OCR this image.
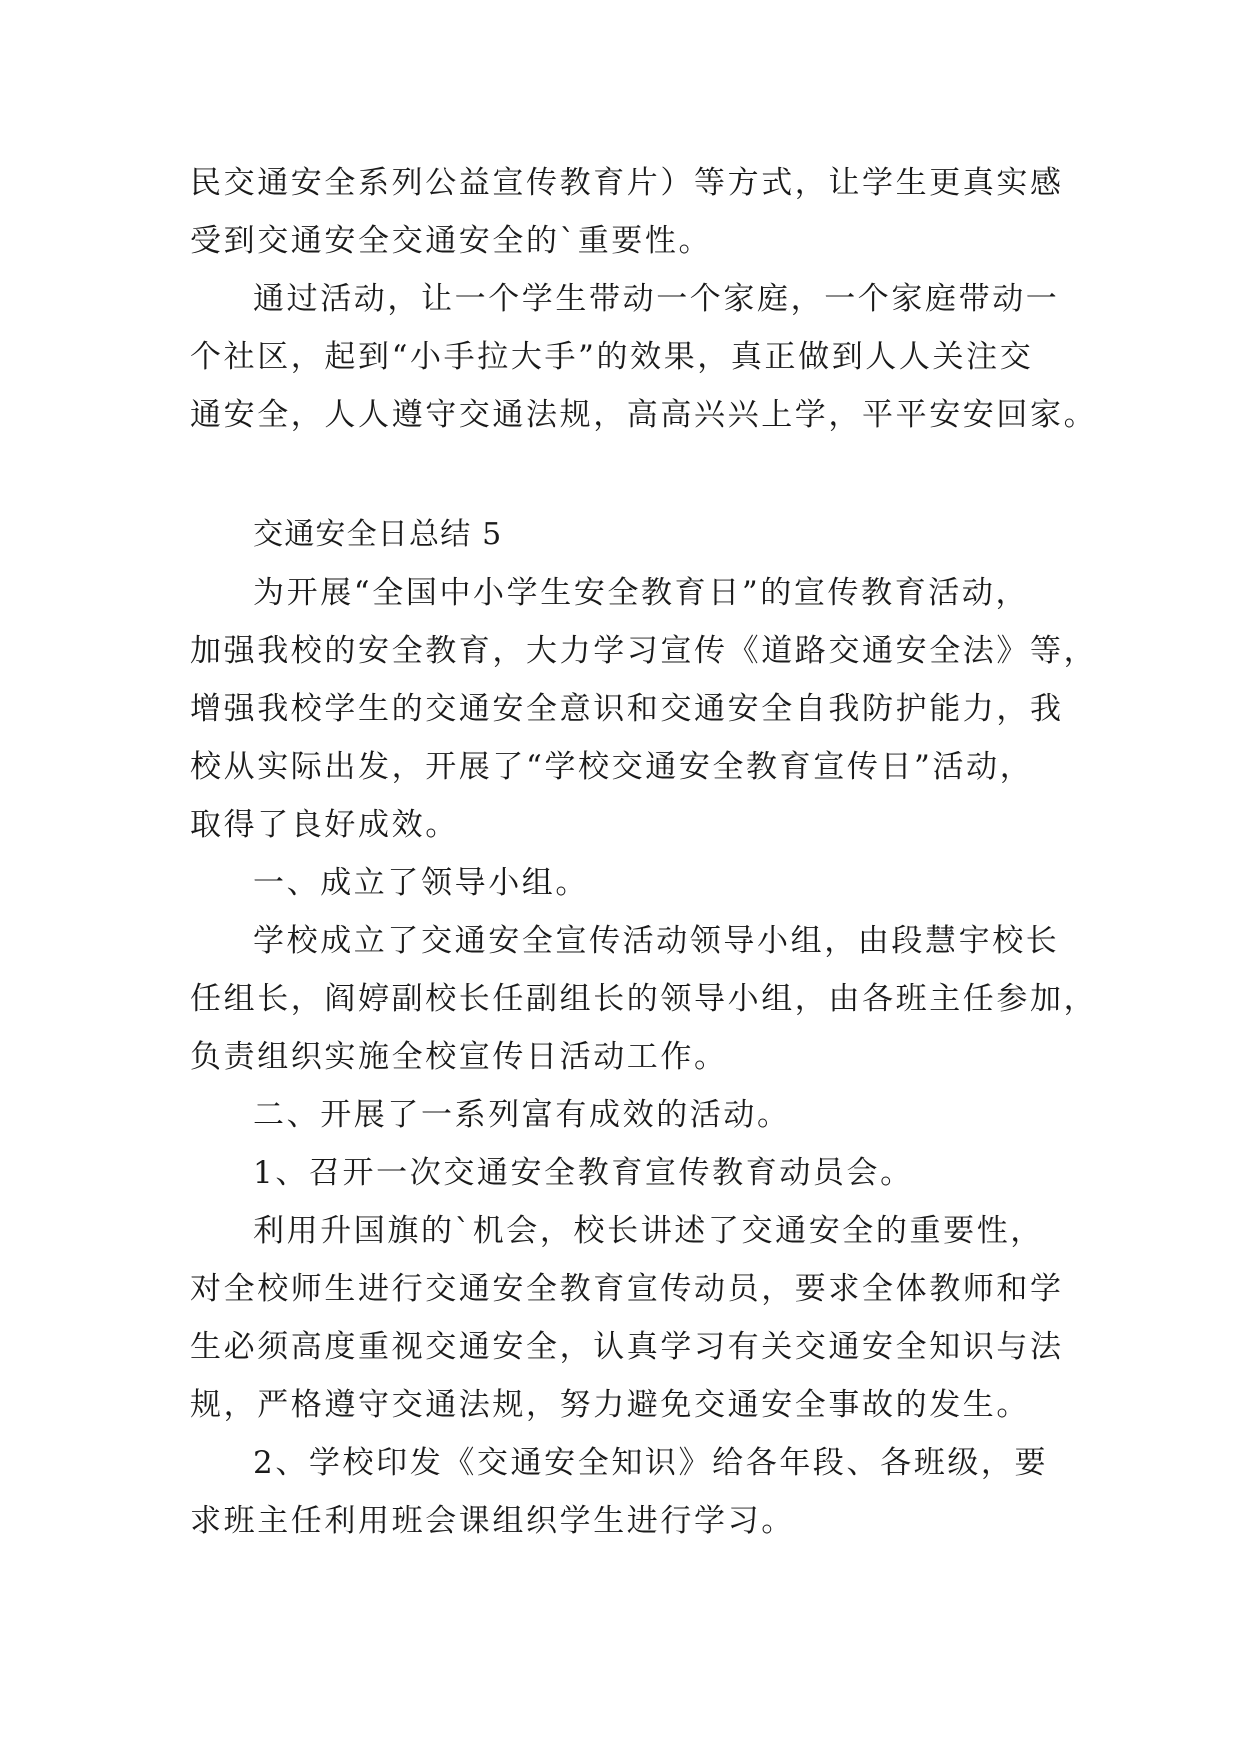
民交通安全系列公益宣传教育片）等方式，让学生更真实感
受到交通安全交通安全的`重要性。
通过活动，让一个学生带动一个家庭，一个家庭带动一
个社区，起到“小手拉大手”的效果，真正做到人人关注交
通安全，人人遵守交通法规，高高兴兴上学，平平安安回家。
交通安全日总结 5
为开展“全国中小学生安全教育日”的宣传教育活动，
加强我校的安全教育，大力学习宣传《道路交通安全法》等，
增强我校学生的交通安全意识和交通安全自我防护能力，我
校从实际出发，开展了“学校交通安全教育宣传日”活动，
取得了良好成效。
一、成立了领导小组。
学校成立了交通安全宣传活动领导小组，由段慧宇校长
任组长，阎婷副校长任副组长的领导小组，由各班主任参加，
负责组织实施全校宣传日活动工作。
二、开展了一系列富有成效的活动。
1、召开一次交通安全教育宣传教育动员会。
利用升国旗的`机会，校长讲述了交通安全的重要性，
对全校师生进行交通安全教育宣传动员，要求全体教师和学
生必须高度重视交通安全，认真学习有关交通安全知识与法
规，严格遵守交通法规，努力避免交通安全事故的发生。
2、学校印发《交通安全知识》给各年段、各班级，要
求班主任利用班会课组织学生进行学习。
